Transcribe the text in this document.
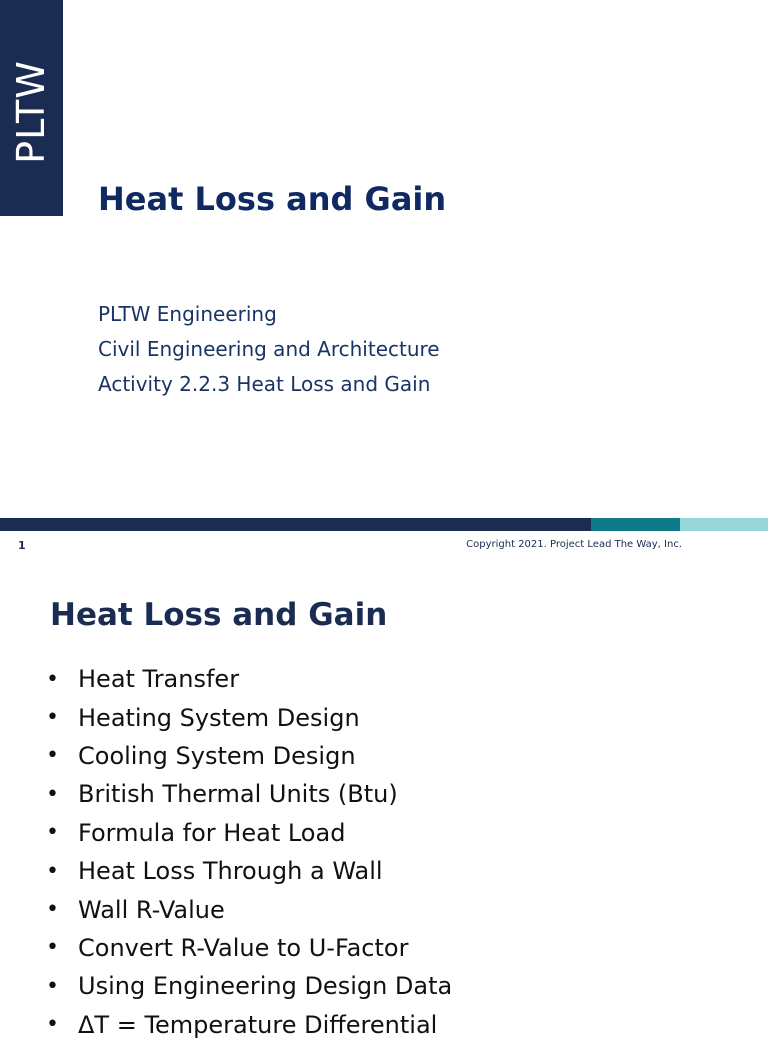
PLTW
Heat Loss and Gain
PLTW Engineering
Civil Engineering and Architecture
Activity 2.2.3 Heat Loss and Gain
1	Copyright 2021. Project Lead The Way, Inc.
Heat Loss and Gain
• Heat Transfer
• Heating System Design
• Cooling System Design
• British Thermal Units (Btu)
• Formula for Heat Load
• Heat Loss Through a Wall
• Wall R-Value
• Convert R-Value to U-Factor
• Using Engineering Design Data
• ΔT = Temperature Differential
